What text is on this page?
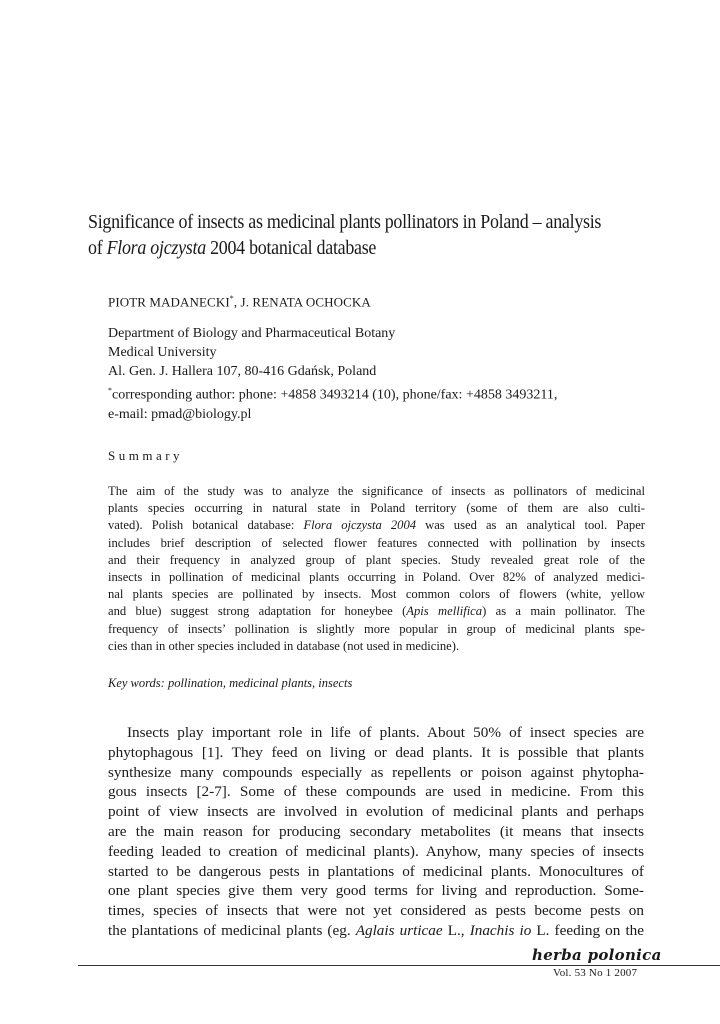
Significance of insects as medicinal plants pollinators in Poland – analysis
of Flora ojczysta 2004 botanical database
PIOTR MADANECKI*, J. RENATA OCHOCKA
Department of Biology and Pharmaceutical Botany
Medical University
Al. Gen. J. Hallera 107, 80-416 Gdańsk, Poland
*corresponding author: phone: +4858 3493214 (10), phone/fax: +4858 3493211,
e-mail: pmad@biology.pl
Summary
The aim of the study was to analyze the significance of insects as pollinators of medicinal
plants species occurring in natural state in Poland territory (some of them are also culti-
vated). Polish botanical database: Flora ojczysta 2004 was used as an analytical tool. Paper
includes brief description of selected flower features connected with pollination by insects
and their frequency in analyzed group of plant species. Study revealed great role of the
insects in pollination of medicinal plants occurring in Poland. Over 82% of analyzed medici-
nal plants species are pollinated by insects. Most common colors of flowers (white, yellow
and blue) suggest strong adaptation for honeybee (Apis mellifica) as a main pollinator. The
frequency of insects’ pollination is slightly more popular in group of medicinal plants spe-
cies than in other species included in database (not used in medicine).
Key words: pollination, medicinal plants, insects
Insects play important role in life of plants. About 50% of insect species are
phytophagous [1]. They feed on living or dead plants. It is possible that plants
synthesize many compounds especially as repellents or poison against phytopha-
gous insects [2-7]. Some of these compounds are used in medicine. From this
point of view insects are involved in evolution of medicinal plants and perhaps
are the main reason for producing secondary metabolites (it means that insects
feeding leaded to creation of medicinal plants). Anyhow, many species of insects
started to be dangerous pests in plantations of medicinal plants. Monocultures of
one plant species give them very good terms for living and reproduction. Some-
times, species of insects that were not yet considered as pests become pests on
the plantations of medicinal plants (eg. Aglais urticae L., Inachis io L. feeding on the
herba polonica
Vol. 53 No 1 2007
